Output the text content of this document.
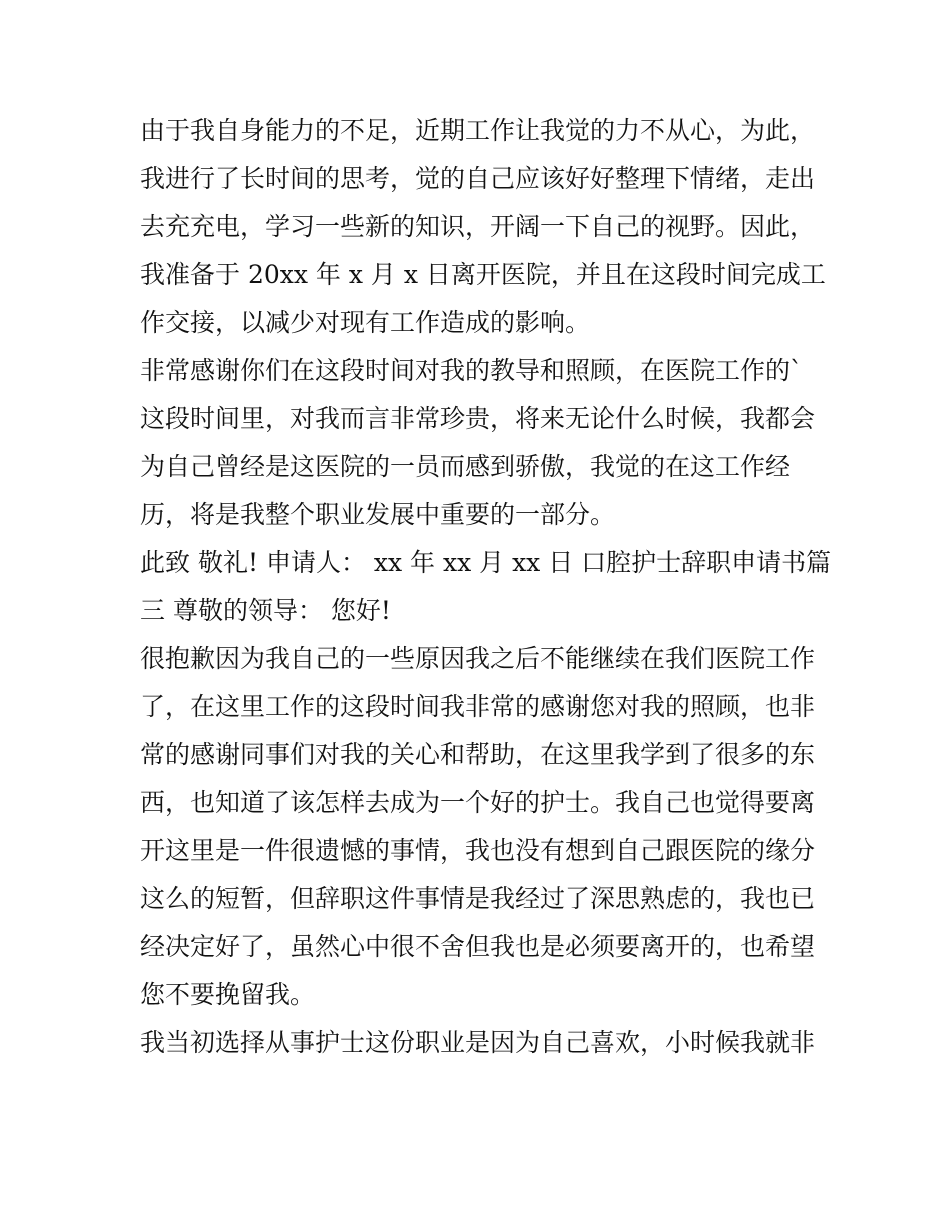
由于我自身能力的不足，近期工作让我觉的力不从心，为此，
我进行了长时间的思考，觉的自己应该好好整理下情绪，走出
去充充电，学习一些新的知识，开阔一下自己的视野。因此，
我准备于 20xx 年 x 月 x 日离开医院，并且在这段时间完成工
作交接，以减少对现有工作造成的影响。
非常感谢你们在这段时间对我的教导和照顾，在医院工作的`
这段时间里，对我而言非常珍贵，将来无论什么时候，我都会
为自己曾经是这医院的一员而感到骄傲，我觉的在这工作经
历，将是我整个职业发展中重要的一部分。
此致 敬礼! 申请人： xx 年 xx 月 xx 日 口腔护士辞职申请书篇
三 尊敬的领导： 您好!
很抱歉因为我自己的一些原因我之后不能继续在我们医院工作
了，在这里工作的这段时间我非常的感谢您对我的照顾，也非
常的感谢同事们对我的关心和帮助，在这里我学到了很多的东
西，也知道了该怎样去成为一个好的护士。我自己也觉得要离
开这里是一件很遗憾的事情，我也没有想到自己跟医院的缘分
这么的短暂，但辞职这件事情是我经过了深思熟虑的，我也已
经决定好了，虽然心中很不舍但我也是必须要离开的，也希望
您不要挽留我。
我当初选择从事护士这份职业是因为自己喜欢，小时候我就非
